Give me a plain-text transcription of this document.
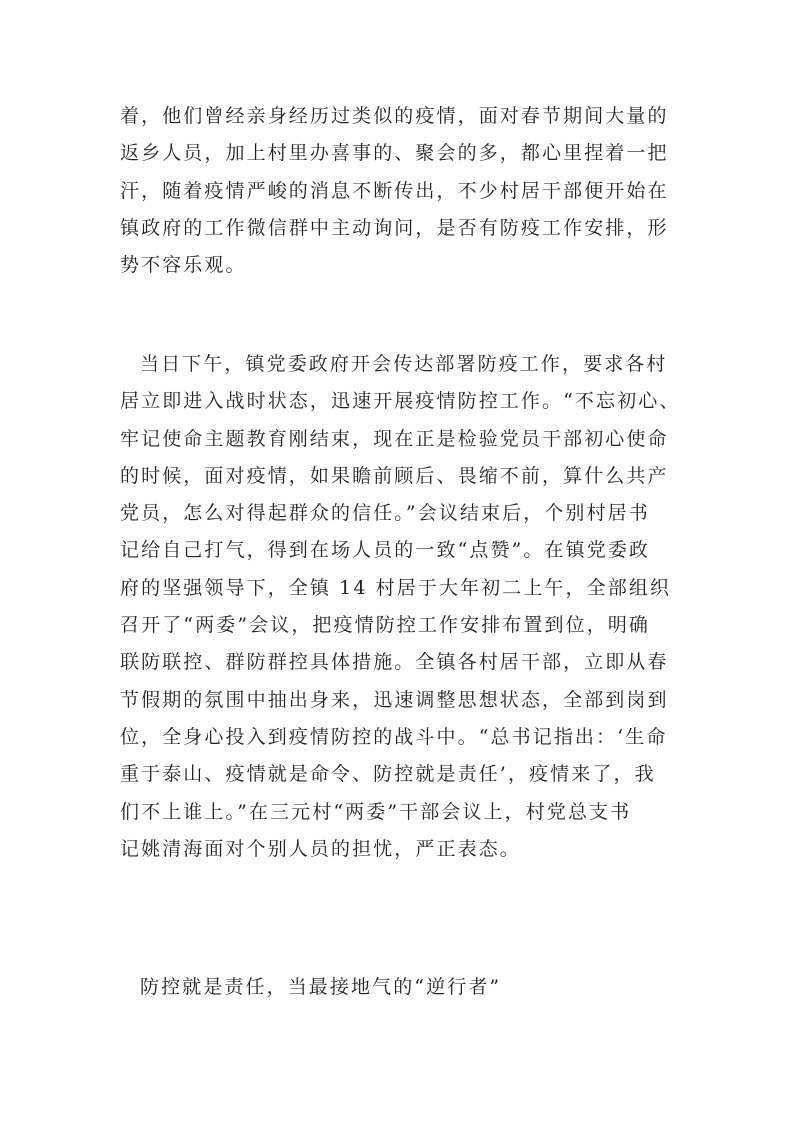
着，他们曾经亲身经历过类似的疫情，面对春节期间大量的
返乡人员，加上村里办喜事的、聚会的多，都心里捏着一把
汗，随着疫情严峻的消息不断传出，不少村居干部便开始在
镇政府的工作微信群中主动询问，是否有防疫工作安排，形
势不容乐观。
当日下午，镇党委政府开会传达部署防疫工作，要求各村
居立即进入战时状态，迅速开展疫情防控工作。“不忘初心、
牢记使命主题教育刚结束，现在正是检验党员干部初心使命
的时候，面对疫情，如果瞻前顾后、畏缩不前，算什么共产
党员，怎么对得起群众的信任。”会议结束后，个别村居书
记给自己打气，得到在场人员的一致“点赞”。在镇党委政
府的坚强领导下，全镇 14 村居于大年初二上午，全部组织
召开了“两委”会议，把疫情防控工作安排布置到位，明确
联防联控、群防群控具体措施。全镇各村居干部，立即从春
节假期的氛围中抽出身来，迅速调整思想状态，全部到岗到
位，全身心投入到疫情防控的战斗中。“总书记指出：‘生命
重于泰山、疫情就是命令、防控就是责任’，疫情来了，我
们不上谁上。”在三元村“两委”干部会议上，村党总支书
记姚清海面对个别人员的担忧，严正表态。
防控就是责任，当最接地气的“逆行者”
